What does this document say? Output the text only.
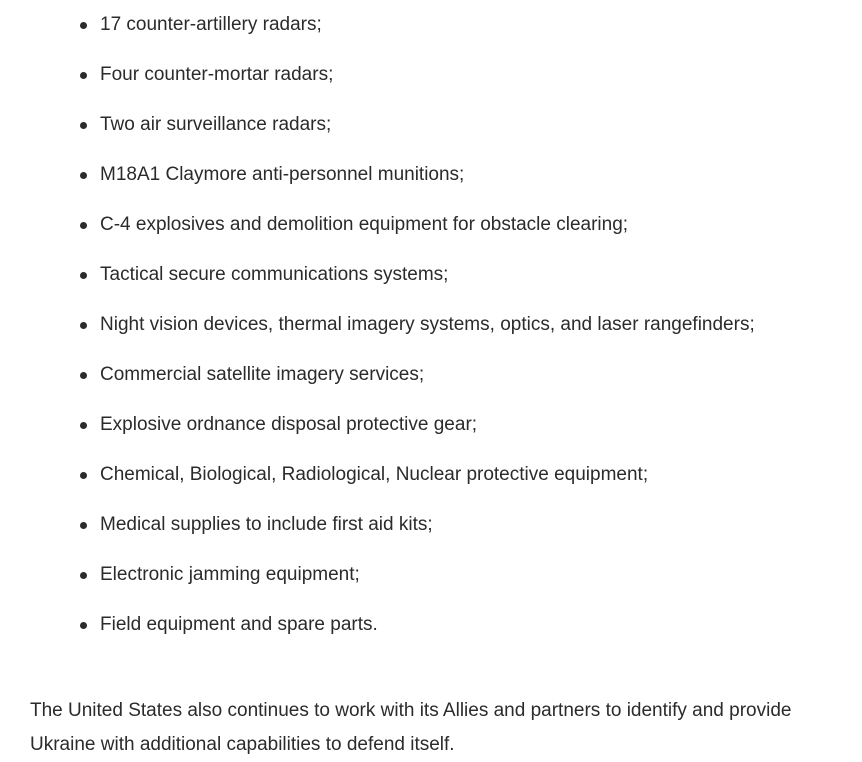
17 counter-artillery radars;
Four counter-mortar radars;
Two air surveillance radars;
M18A1 Claymore anti-personnel munitions;
C-4 explosives and demolition equipment for obstacle clearing;
Tactical secure communications systems;
Night vision devices, thermal imagery systems, optics, and laser rangefinders;
Commercial satellite imagery services;
Explosive ordnance disposal protective gear;
Chemical, Biological, Radiological, Nuclear protective equipment;
Medical supplies to include first aid kits;
Electronic jamming equipment;
Field equipment and spare parts.

The United States also continues to work with its Allies and partners to identify and provide Ukraine with additional capabilities to defend itself.
